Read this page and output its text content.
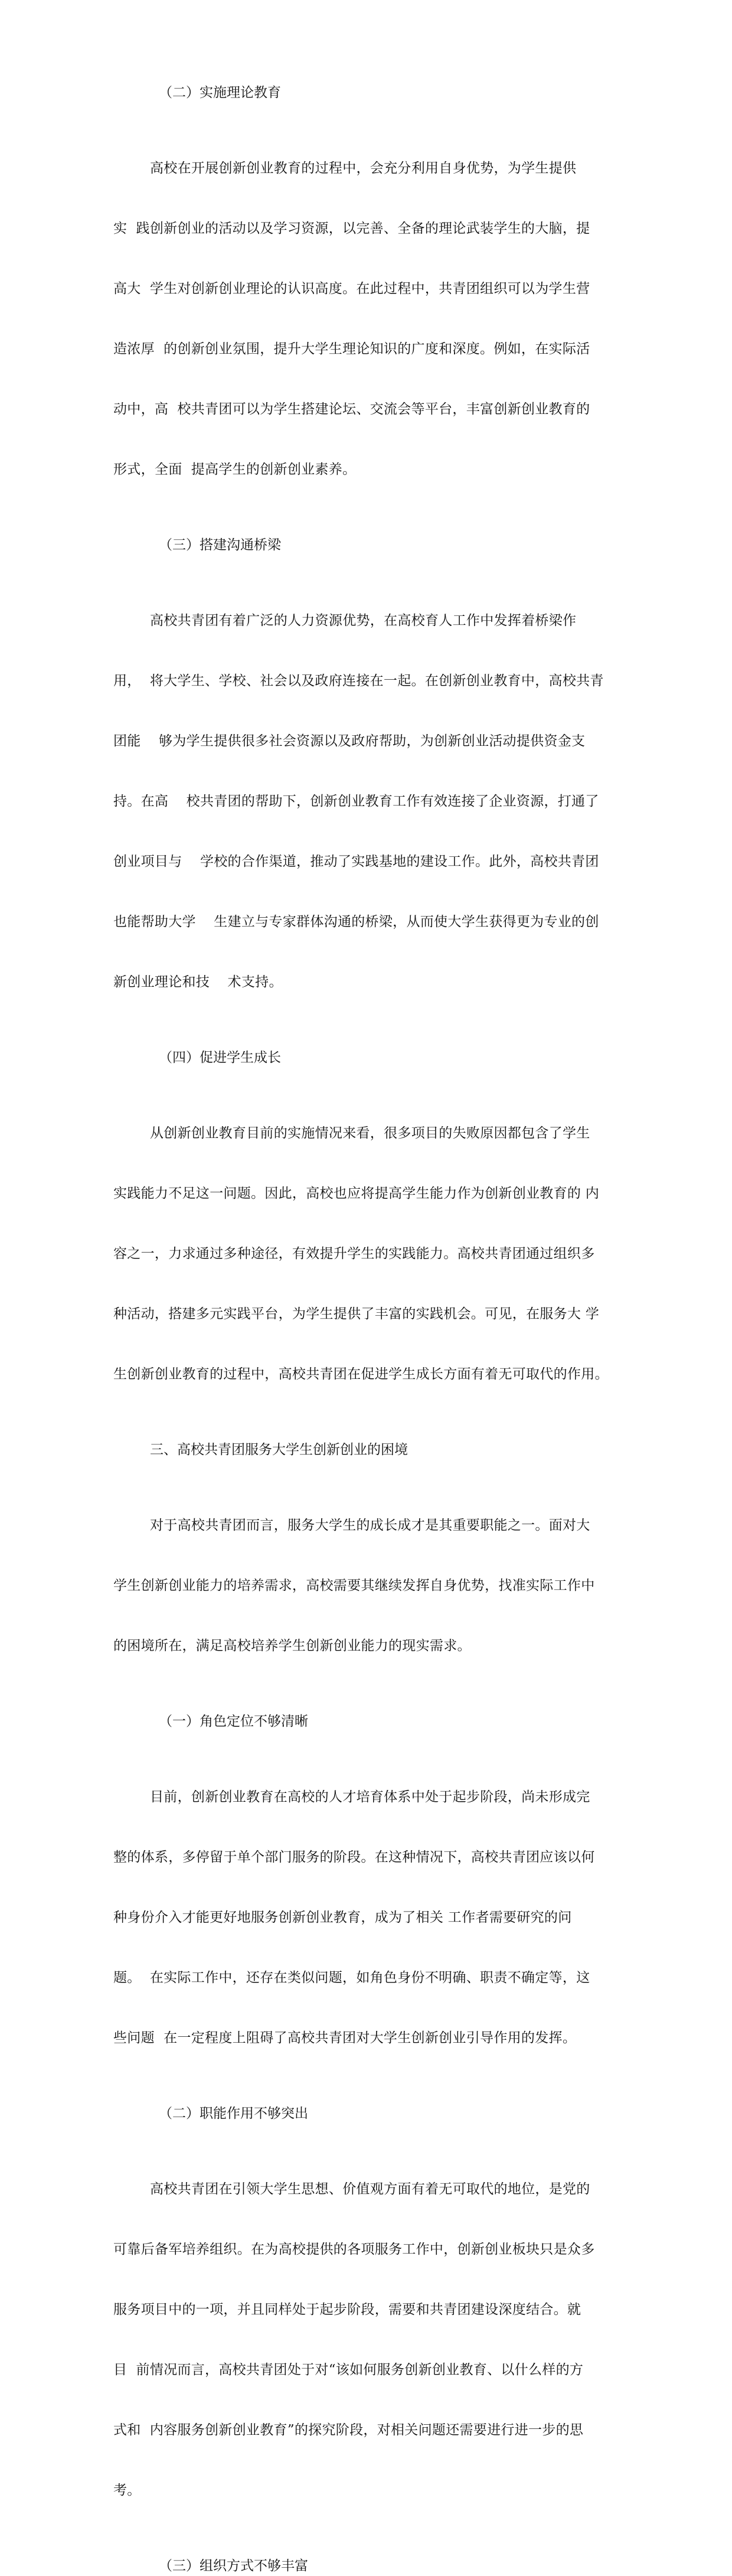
（二）实施理论教育

高校在开展创新创业教育的过程中，会充分利用自身优势，为学生提供

实  践创新创业的活动以及学习资源，以完善、全备的理论武装学生的大脑，提

高大  学生对创新创业理论的认识高度。在此过程中，共青团组织可以为学生营

造浓厚  的创新创业氛围，提升大学生理论知识的广度和深度。例如，在实际活

动中，高  校共青团可以为学生搭建论坛、交流会等平台，丰富创新创业教育的

形式，全面  提高学生的创新创业素养。

（三）搭建沟通桥梁

高校共青团有着广泛的人力资源优势，在高校育人工作中发挥着桥梁作

用，  将大学生、学校、社会以及政府连接在一起。在创新创业教育中，高校共青

团能    够为学生提供很多社会资源以及政府帮助，为创新创业活动提供资金支

持。在高    校共青团的帮助下，创新创业教育工作有效连接了企业资源，打通了

创业项目与    学校的合作渠道，推动了实践基地的建设工作。此外，高校共青团

也能帮助大学    生建立与专家群体沟通的桥梁，从而使大学生获得更为专业的创

新创业理论和技    术支持。

（四）促进学生成长

从创新创业教育目前的实施情况来看，很多项目的失败原因都包含了学生

实践能力不足这一问题。因此，高校也应将提高学生能力作为创新创业教育的 内

容之一，力求通过多种途径，有效提升学生的实践能力。高校共青团通过组织多

种活动，搭建多元实践平台，为学生提供了丰富的实践机会。可见，在服务大 学

生创新创业教育的过程中，高校共青团在促进学生成长方面有着无可取代的作用。

三、高校共青团服务大学生创新创业的困境

对于高校共青团而言，服务大学生的成长成才是其重要职能之一。面对大

学生创新创业能力的培养需求，高校需要其继续发挥自身优势，找准实际工作中

的困境所在，满足高校培养学生创新创业能力的现实需求。

（一）角色定位不够清晰

目前，创新创业教育在高校的人才培育体系中处于起步阶段，尚未形成完

整的体系，多停留于单个部门服务的阶段。在这种情况下，高校共青团应该以何

种身份介入才能更好地服务创新创业教育，成为了相关 工作者需要研究的问

题。  在实际工作中，还存在类似问题，如角色身份不明确、职责不确定等，这

些问题  在一定程度上阻碍了高校共青团对大学生创新创业引导作用的发挥。

（二）职能作用不够突出

高校共青团在引领大学生思想、价值观方面有着无可取代的地位，是党的

可靠后备军培养组织。在为高校提供的各项服务工作中，创新创业板块只是众多

服务项目中的一项，并且同样处于起步阶段，需要和共青团建设深度结合。就

目  前情况而言，高校共青团处于对“该如何服务创新创业教育、以什么样的方

式和  内容服务创新创业教育”的探究阶段，对相关问题还需要进行进一步的思

考。

（三）组织方式不够丰富
